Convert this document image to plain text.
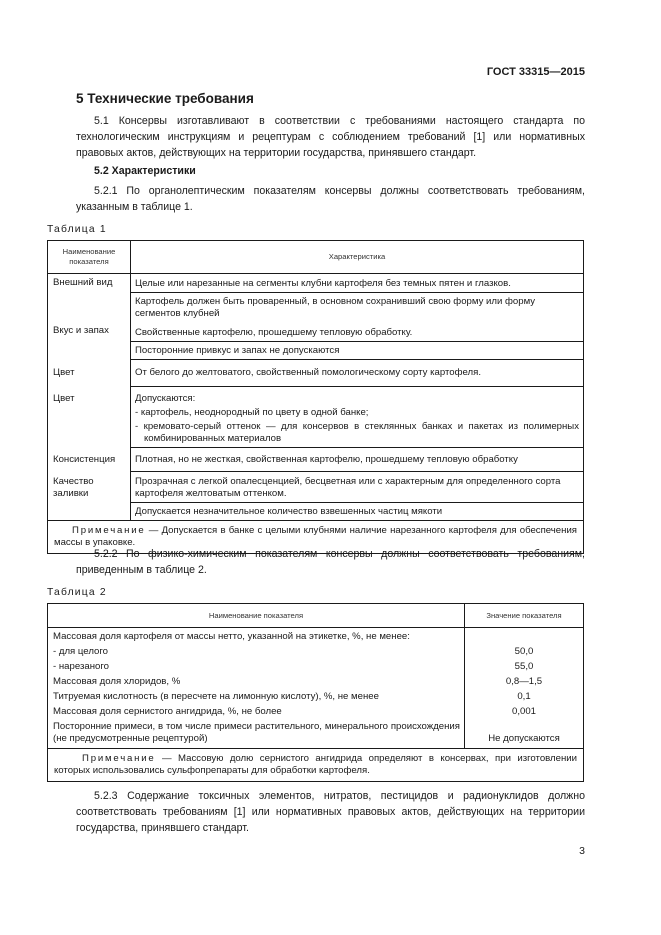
ГОСТ 33315—2015
5 Технические требования
5.1 Консервы изготавливают в соответствии с требованиями настоящего стандарта по технологическим инструкциям и рецептурам с соблюдением требований [1] или нормативных правовых актов, действующих на территории государства, принявшего стандарт.
5.2 Характеристики
5.2.1 По органолептическим показателям консервы должны соответствовать требованиям, указанным в таблице 1.
Таблица 1
Наименование показателя	Характеристика
Внешний вид	Целые или нарезанные на сегменты клубни картофеля без темных пятен и глазков.
	Картофель должен быть проваренный, в основном сохранивший свою форму или форму сегментов клубней
Вкус и запах	Свойственные картофелю, прошедшему тепловую обработку.
	Посторонние привкус и запах не допускаются
Цвет	От белого до желтоватого, свойственный помологическому сорту картофеля.
Цвет	Допускаются:
- картофель, неоднородный по цвету в одной банке;
- кремовато-серый оттенок — для консервов в стеклянных банках и пакетах из полимерных комбинированных материалов

Консистенция	Плотная, но не жесткая, свойственная картофелю, прошедшему тепловую обработку
Качество заливки	Прозрачная с легкой опалесценцией, бесцветная или с характерным для определенного сорта картофеля желтоватым оттенком.
	Допускается незначительное количество взвешенных частиц мякоти
Примечание — Допускается в банке с целыми клубнями наличие нарезанного картофеля для обеспечения массы в упаковке.	
5.2.2 По физико-химическим показателям консервы должны соответствовать требованиям, приведенным в таблице 2.
Таблица 2
Наименование показателя	Значение показателя
Массовая доля картофеля от массы нетто, указанной на этикетке, %, не менее:	
- для целого	50,0
- нарезаного	55,0
Массовая доля хлоридов, %	0,8—1,5
Титруемая кислотность (в пересчете на лимонную кислоту), %, не менее	0,1
Массовая доля сернистого ангидрида, %, не более	0,001
Посторонние примеси, в том числе примеси растительного, минерального происхождения (не предусмотренные рецептурой)	Не допускаются
Примечание — Массовую долю сернистого ангидрида определяют в консервах, при изготовлении которых использовались сульфопрепараты для обработки картофеля.	
5.2.3 Содержание токсичных элементов, нитратов, пестицидов и радионуклидов должно соответствовать требованиям [1] или нормативных правовых актов, действующих на территории государства, принявшего стандарт.
3
